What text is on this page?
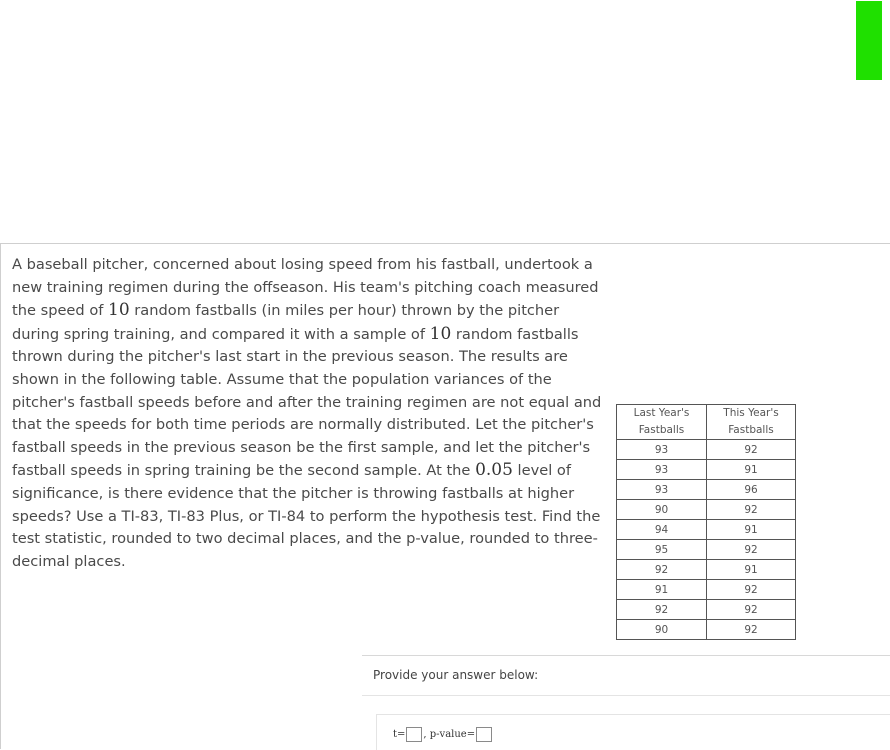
A baseball pitcher, concerned about losing speed from his fastball, undertook a new training regimen during the offseason. His team's pitching coach measured the speed of 10 random fastballs (in miles per hour) thrown by the pitcher during spring training, and compared it with a sample of 10 random fastballs thrown during the pitcher's last start in the previous season. The results are shown in the following table. Assume that the population variances of the pitcher's fastball speeds before and after the training regimen are not equal and that the speeds for both time periods are normally distributed. Let the pitcher's fastball speeds in the previous season be the first sample, and let the pitcher's fastball speeds in spring training be the second sample. At the 0.05 level of significance, is there evidence that the pitcher is throwing fastballs at higher speeds? Use a TI-83, TI-83 Plus, or TI-84 to perform the hypothesis test. Find the test statistic, rounded to two decimal places, and the p-value, rounded to three-decimal places.

Last Year's Fastballs	This Year's Fastballs
93	92
93	91
93	96
90	92
94	91
95	92
92	91
91	92
92	92
90	92
Provide your answer below:
t= ,
p-value=
